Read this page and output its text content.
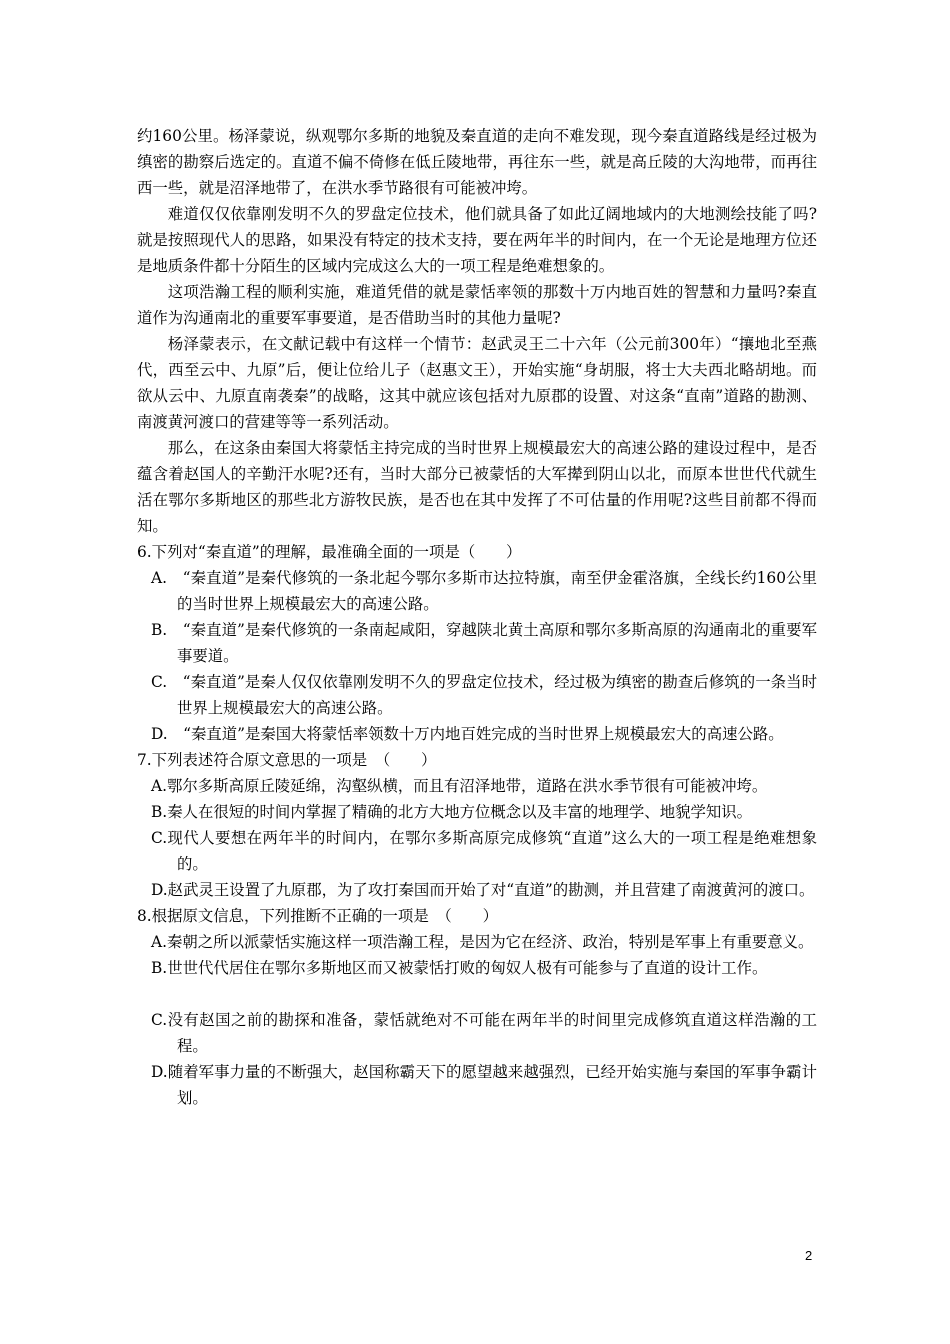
约160公里。杨泽蒙说，纵观鄂尔多斯的地貌及秦直道的走向不难发现，现今秦直道路线是经过极为缜密的勘察后选定的。直道不偏不倚修在低丘陵地带，再往东一些，就是高丘陵的大沟地带，而再往西一些，就是沼泽地带了，在洪水季节路很有可能被冲垮。

难道仅仅依靠刚发明不久的罗盘定位技术，他们就具备了如此辽阔地域内的大地测绘技能了吗?就是按照现代人的思路，如果没有特定的技术支持，要在两年半的时间内，在一个无论是地理方位还是地质条件都十分陌生的区域内完成这么大的一项工程是绝难想象的。

这项浩瀚工程的顺利实施，难道凭借的就是蒙恬率领的那数十万内地百姓的智慧和力量吗?秦直道作为沟通南北的重要军事要道，是否借助当时的其他力量呢?

杨泽蒙表示，在文献记载中有这样一个情节：赵武灵王二十六年（公元前300年）“攘地北至燕代，西至云中、九原”后，便让位给儿子（赵惠文王），开始实施“身胡服，将士大夫西北略胡地。而欲从云中、九原直南袭秦”的战略，这其中就应该包括对九原郡的设置、对这条“直南”道路的勘测、南渡黄河渡口的营建等等一系列活动。

那么，在这条由秦国大将蒙恬主持完成的当时世界上规模最宏大的高速公路的建设过程中，是否蕴含着赵国人的辛勤汗水呢?还有，当时大部分已被蒙恬的大军撵到阴山以北，而原本世世代代就生活在鄂尔多斯地区的那些北方游牧民族，是否也在其中发挥了不可估量的作用呢?这些目前都不得而知。

6.下列对“秦直道”的理解，最准确全面的一项是（　　）

A.　“秦直道”是秦代修筑的一条北起今鄂尔多斯市达拉特旗，南至伊金霍洛旗，全线长约160公里的当时世界上规模最宏大的高速公路。

B.　“秦直道”是秦代修筑的一条南起咸阳，穿越陕北黄土高原和鄂尔多斯高原的沟通南北的重要军事要道。

C.　“秦直道”是秦人仅仅依靠刚发明不久的罗盘定位技术，经过极为缜密的勘查后修筑的一条当时世界上规模最宏大的高速公路。

D.　“秦直道”是秦国大将蒙恬率领数十万内地百姓完成的当时世界上规模最宏大的高速公路。

7.下列表述符合原文意思的一项是　（　　）

A.鄂尔多斯高原丘陵延绵，沟壑纵横，而且有沼泽地带，道路在洪水季节很有可能被冲垮。

B.秦人在很短的时间内掌握了精确的北方大地方位概念以及丰富的地理学、地貌学知识。

C.现代人要想在两年半的时间内，在鄂尔多斯高原完成修筑“直道”这么大的一项工程是绝难想象的。

D.赵武灵王设置了九原郡，为了攻打秦国而开始了对“直道”的勘测，并且营建了南渡黄河的渡口。

8.根据原文信息，下列推断不正确的一项是　（　　）

A.秦朝之所以派蒙恬实施这样一项浩瀚工程，是因为它在经济、政治，特别是军事上有重要意义。

B.世世代代居住在鄂尔多斯地区而又被蒙恬打败的匈奴人极有可能参与了直道的设计工作。

C.没有赵国之前的勘探和准备，蒙恬就绝对不可能在两年半的时间里完成修筑直道这样浩瀚的工程。

D.随着军事力量的不断强大，赵国称霸天下的愿望越来越强烈，已经开始实施与秦国的军事争霸计划。

2
